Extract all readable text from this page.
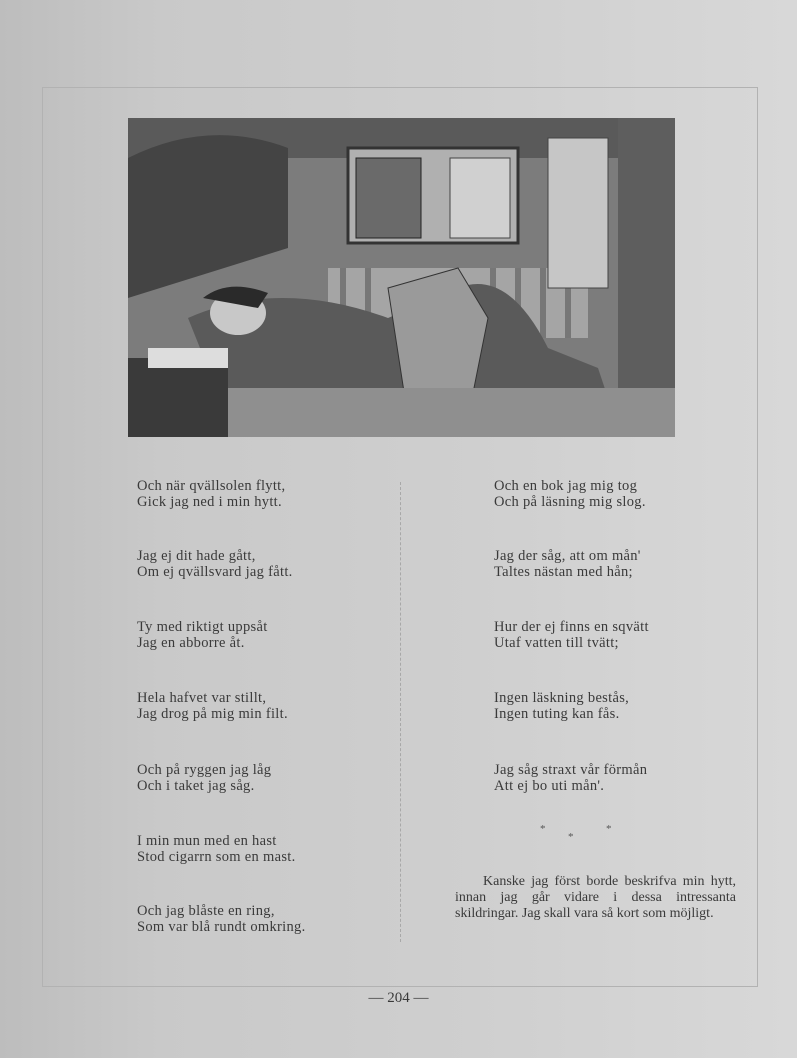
Och när qvällsolen flytt,
Gick jag ned i min hytt.
Jag ej dit hade gått,
Om ej qvällsvard jag fått.
Ty med riktigt uppsåt
Jag en abborre åt.
Hela hafvet var stillt,
Jag drog på mig min filt.
Och på ryggen jag låg
Och i taket jag såg.
I min mun med en hast
Stod cigarrn som en mast.
Och jag blåste en ring,
Som var blå rundt omkring.
Och en bok jag mig tog
Och på läsning mig slog.
Jag der såg, att om mån'
Taltes nästan med hån;
Hur der ej finns en sqvätt
Utaf vatten till tvätt;
Ingen läskning bestås,
Ingen tuting kan fås.
Jag såg straxt vår förmån
Att ej bo uti mån'.
*
*
*
Kanske jag först borde beskrifva min hytt, innan jag går vidare i dessa intressanta skildringar. Jag skall vara så kort som möjligt.
— 204 —
